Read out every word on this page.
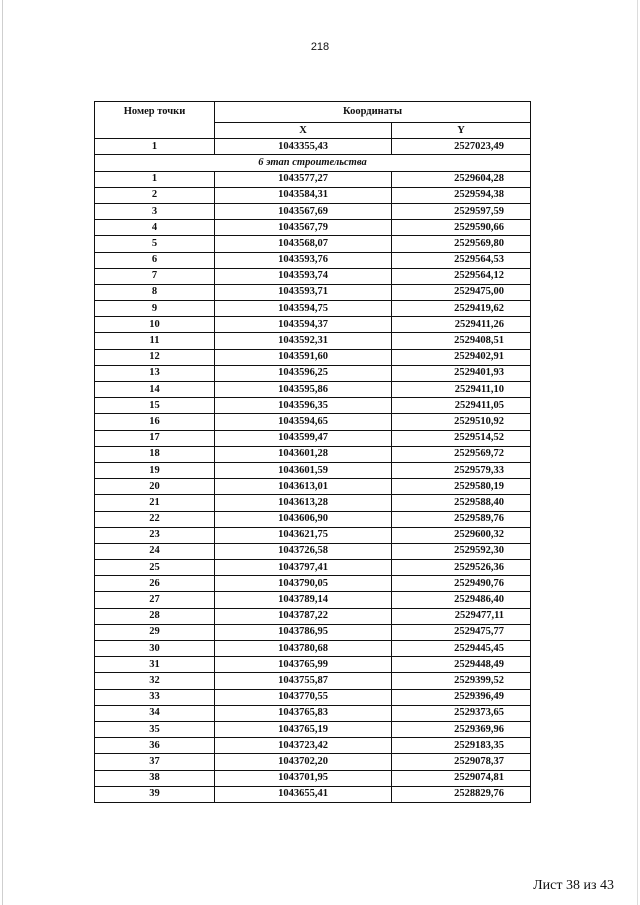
218
Номер точки	Координаты	
	X	Y
1	1043355,43	2527023,49
6 этап строительства		
1	1043577,27	2529604,28
2	1043584,31	2529594,38
3	1043567,69	2529597,59
4	1043567,79	2529590,66
5	1043568,07	2529569,80
6	1043593,76	2529564,53
7	1043593,74	2529564,12
8	1043593,71	2529475,00
9	1043594,75	2529419,62
10	1043594,37	2529411,26
11	1043592,31	2529408,51
12	1043591,60	2529402,91
13	1043596,25	2529401,93
14	1043595,86	2529411,10
15	1043596,35	2529411,05
16	1043594,65	2529510,92
17	1043599,47	2529514,52
18	1043601,28	2529569,72
19	1043601,59	2529579,33
20	1043613,01	2529580,19
21	1043613,28	2529588,40
22	1043606,90	2529589,76
23	1043621,75	2529600,32
24	1043726,58	2529592,30
25	1043797,41	2529526,36
26	1043790,05	2529490,76
27	1043789,14	2529486,40
28	1043787,22	2529477,11
29	1043786,95	2529475,77
30	1043780,68	2529445,45
31	1043765,99	2529448,49
32	1043755,87	2529399,52
33	1043770,55	2529396,49
34	1043765,83	2529373,65
35	1043765,19	2529369,96
36	1043723,42	2529183,35
37	1043702,20	2529078,37
38	1043701,95	2529074,81
39	1043655,41	2528829,76
Лист 38 из 43
